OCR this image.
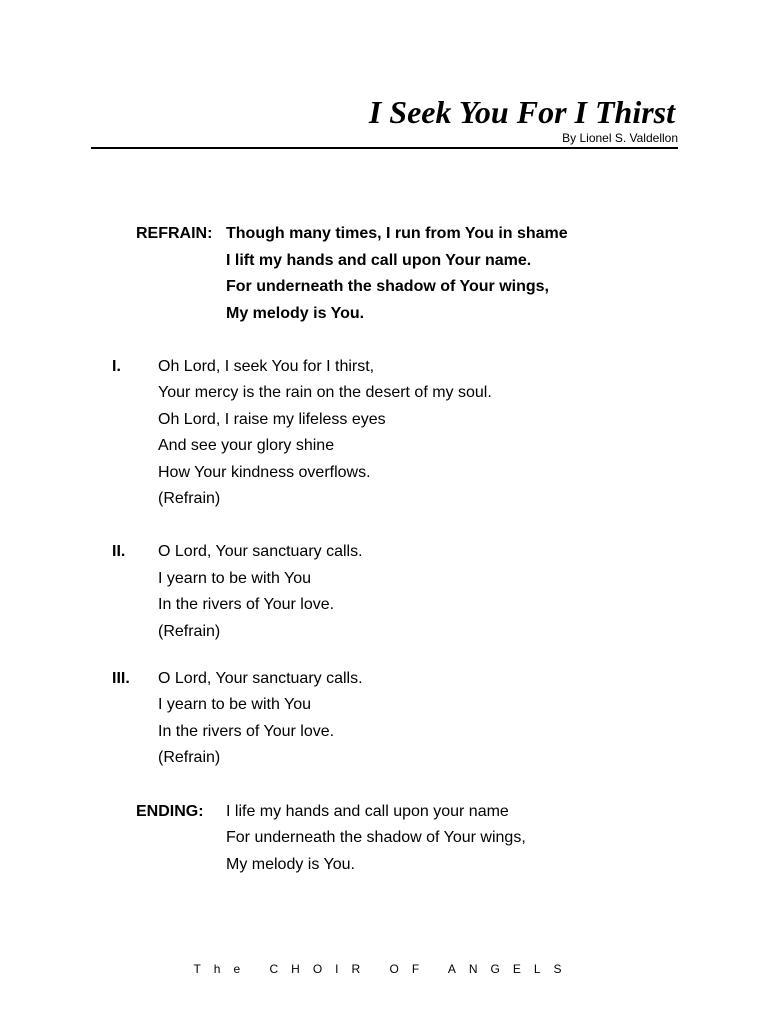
I Seek You For I Thirst
By Lionel S. Valdellon
REFRAIN: Though many times, I run from You in shame
I lift my hands and call upon Your name.
For underneath the shadow of Your wings,
My melody is You.
I. Oh Lord, I seek You for I thirst,
Your mercy is the rain on the desert of my soul.
Oh Lord, I raise my lifeless eyes
And see your glory shine
How Your kindness overflows.
(Refrain)
II. O Lord, Your sanctuary calls.
I yearn to be with You
In the rivers of Your love.
(Refrain)
III. O Lord, Your sanctuary calls.
I yearn to be with You
In the rivers of Your love.
(Refrain)
ENDING: I life my hands and call upon your name
For underneath the shadow of Your wings,
My melody is You.
The CHOIR OF ANGELS
